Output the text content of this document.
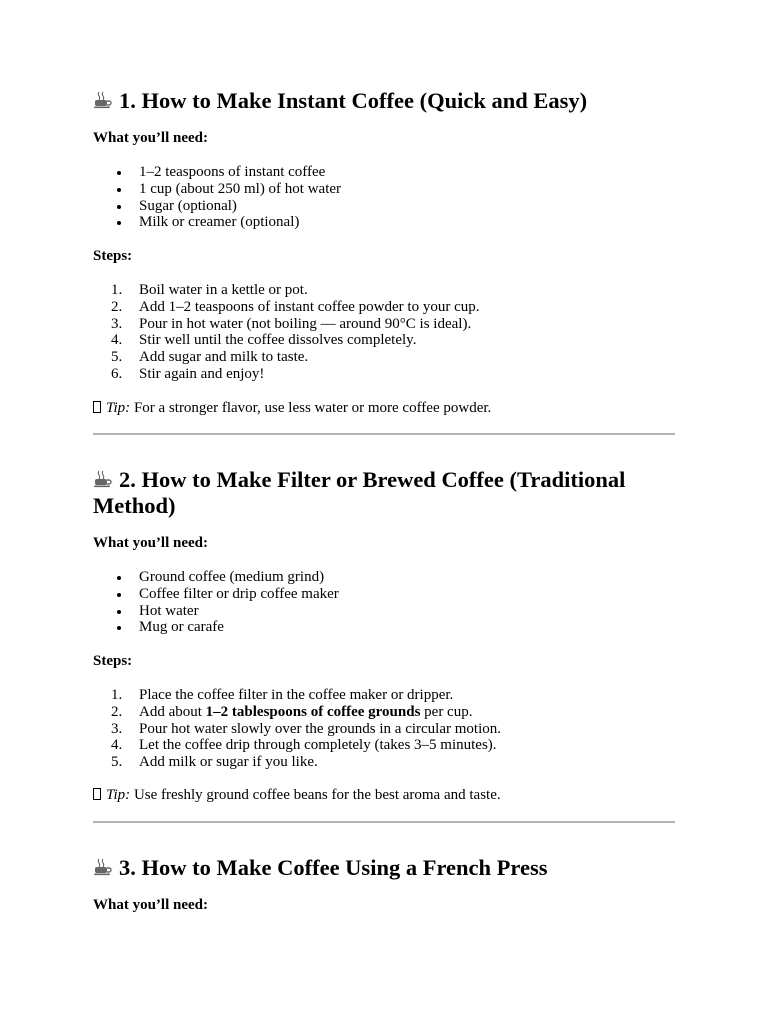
1. How to Make Instant Coffee (Quick and Easy)

What you’ll need:

1–2 teaspoons of instant coffee
1 cup (about 250 ml) of hot water
Sugar (optional)
Milk or creamer (optional)

Steps:

1.	Boil water in a kettle or pot.
2.	Add 1–2 teaspoons of instant coffee powder to your cup.
3.	Pour in hot water (not boiling — around 90°C is ideal).
4.	Stir well until the coffee dissolves completely.
5.	Add sugar and milk to taste.
6.	Stir again and enjoy!

Tip: For a stronger flavor, use less water or more coffee powder.

2. How to Make Filter or Brewed Coffee (Traditional
Method)

What you’ll need:

Ground coffee (medium grind)
Coffee filter or drip coffee maker
Hot water
Mug or carafe

Steps:

1.	Place the coffee filter in the coffee maker or dripper.
2.	Add about 1–2 tablespoons of coffee grounds per cup.
3.	Pour hot water slowly over the grounds in a circular motion.
4.	Let the coffee drip through completely (takes 3–5 minutes).
5.	Add milk or sugar if you like.

Tip: Use freshly ground coffee beans for the best aroma and taste.

3. How to Make Coffee Using a French Press

What you’ll need:
